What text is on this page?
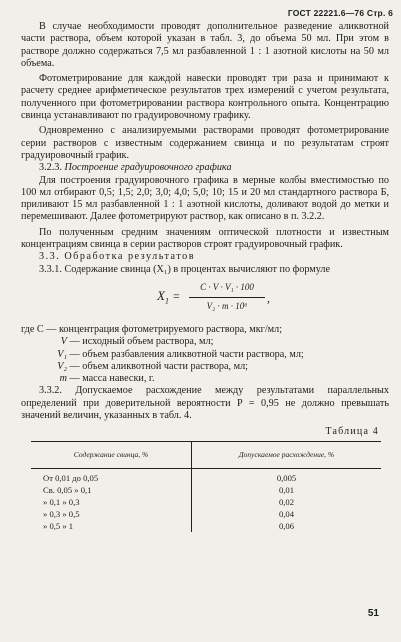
ГОСТ 22221.6—76 Стр. 6

В случае необходимости проводят дополнительное разведение аликвотной части раствора, объем которой указан в табл. 3, до объема 50 мл. При этом в растворе должно содержаться 7,5 мл разбавленной 1 : 1 азотной кислоты на 50 мл объема.

Фотометрирование для каждой навески проводят три раза и принимают к расчету среднее арифметическое результатов трех измерений с учетом результата, полученного при фотометрировании раствора контрольного опыта. Концентрацию свинца устанавливают по градуировочному графику.

Одновременно с анализируемыми растворами проводят фотометрирование серии растворов с известным содержанием свинца и по результатам строят градуировочный график.

3.2.3. Построение градуировочного графика

Для построения градуировочного графика в мерные колбы вместимостью по 100 мл отбирают 0,5; 1,5; 2,0; 3,0; 4,0; 5,0; 10; 15 и 20 мл стандартного раствора Б, приливают 15 мл разбавленной 1 : 1 азотной кислоты, доливают водой до метки и перемешивают. Далее фотометрируют раствор, как описано в п. 3.2.2.

По полученным средним значениям оптической плотности и известным концентрациям свинца в серии растворов строят градуировочный график.

3.3. Обработка результатов

3.3.1. Содержание свинца (X₁) в процентах вычисляют по формуле

$X_1$ =
C · V · V₁ · 100
V₂ · m · 10⁶
,

где C — концентрация фотометрируемого раствора, мкг/мл;

V — исходный объем раствора, мл;

V₁ — объем разбавления аликвотной части раствора, мл;

V₂ — объем аликвотной части раствора, мл;

m — масса навески, г.

3.3.2. Допускаемое расхождение между результатами параллельных определений при доверительной вероятности P = 0,95 не должно превышать значений величин, указанных в табл. 4.

Таблица 4

Содержание свинца, %	Допускаемое расхождение, %
От 0,01 до 0,05	0,005
Св. 0,05 » 0,1	0,01
» 0,1 » 0,3	0,02
» 0,3 » 0,5	0,04
» 0,5 » 1	0,06
51
